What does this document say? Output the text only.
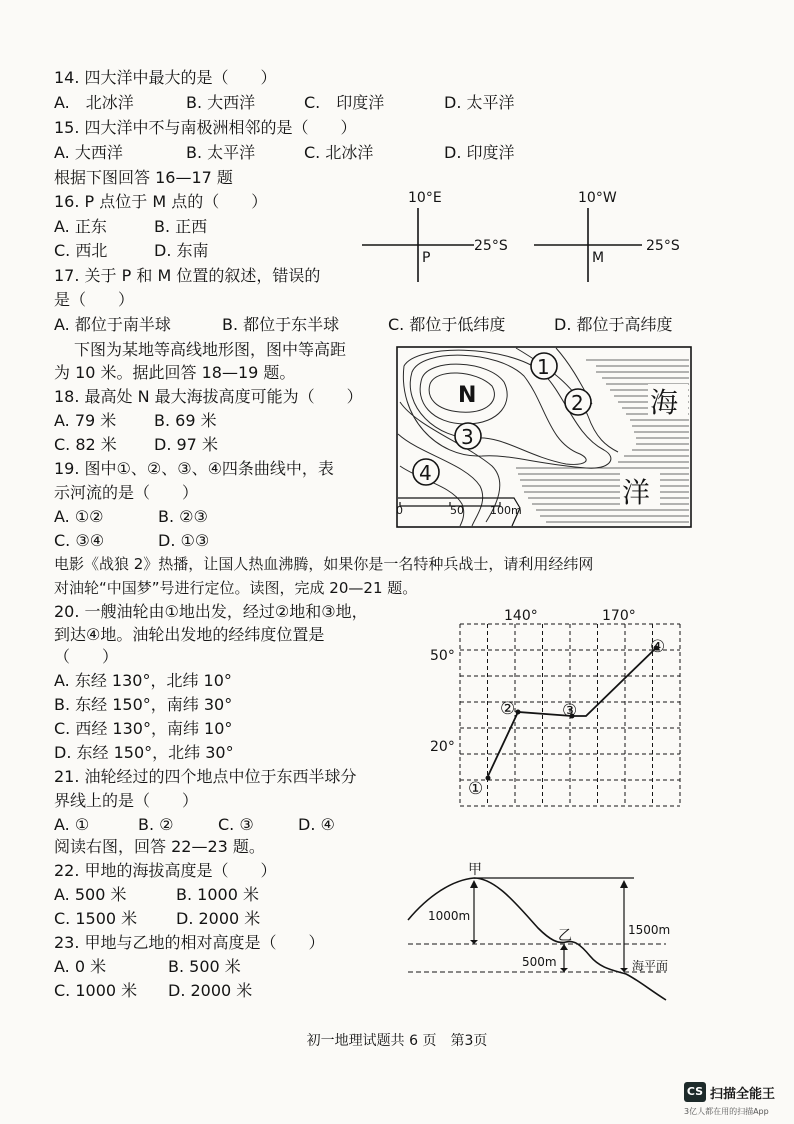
14. 四大洋中最大的是（　　）
A.　北冰洋	B. 大西洋	C.　印度洋	D. 太平洋
15. 四大洋中不与南极洲相邻的是（　　）
A. 大西洋	B. 太平洋	C. 北冰洋	D. 印度洋
根据下图回答 16—17 题
16. P 点位于 M 点的（　　）
A. 正东	B. 正西
C. 西北	D. 东南
10°E
P
25°S
10°W
M
25°S
17. 关于 P 和 M 位置的叙述，错误的
是（　　）
A. 都位于南半球	B. 都位于东半球	C. 都位于低纬度	D. 都位于高纬度
下图为某地等高线地形图，图中等高距
为 10 米。据此回答 18—19 题。
18. 最高处 N 最大海拔高度可能为（　　）
A. 79 米 B. 69 米
C. 82 米 D. 97 米
19. 图中①、②、③、④四条曲线中，表
示河流的是（　　）
A. ①②	B. ②③
C. ③④	D. ①③
0	50 100m
N
1
2
3
4
海
洋
电影《战狼 2》热播，让国人热血沸腾，如果你是一名特种兵战士，请利用经纬网
对油轮“中国梦”号进行定位。读图，完成 20—21 题。
20. 一艘油轮由①地出发，经过②地和③地，
到达④地。油轮出发地的经纬度位置是
（　　）
A. 东经 130°，北纬 10°
B. 东经 150°，南纬 30°
C. 西经 130°，南纬 10°
D. 东经 150°，北纬 30°
140°	170°
50°
20°
①
②	③
④
21. 油轮经过的四个地点中位于东西半球分
界线上的是（　　）
A. ①	B. ②	C. ③	D. ④
阅读右图，回答 22—23 题。
22. 甲地的海拔高度是（　　）
A. 500 米	B. 1000 米
C. 1500 米 D. 2000 米
23. 甲地与乙地的相对高度是（　　）
A. 0 米	B. 500 米
C. 1000 米 D. 2000 米
甲
乙
1000m
1500m
500m	海平面
初一地理试题共 6 页　第3页
CS 扫描全能王
3亿人都在用的扫描App
